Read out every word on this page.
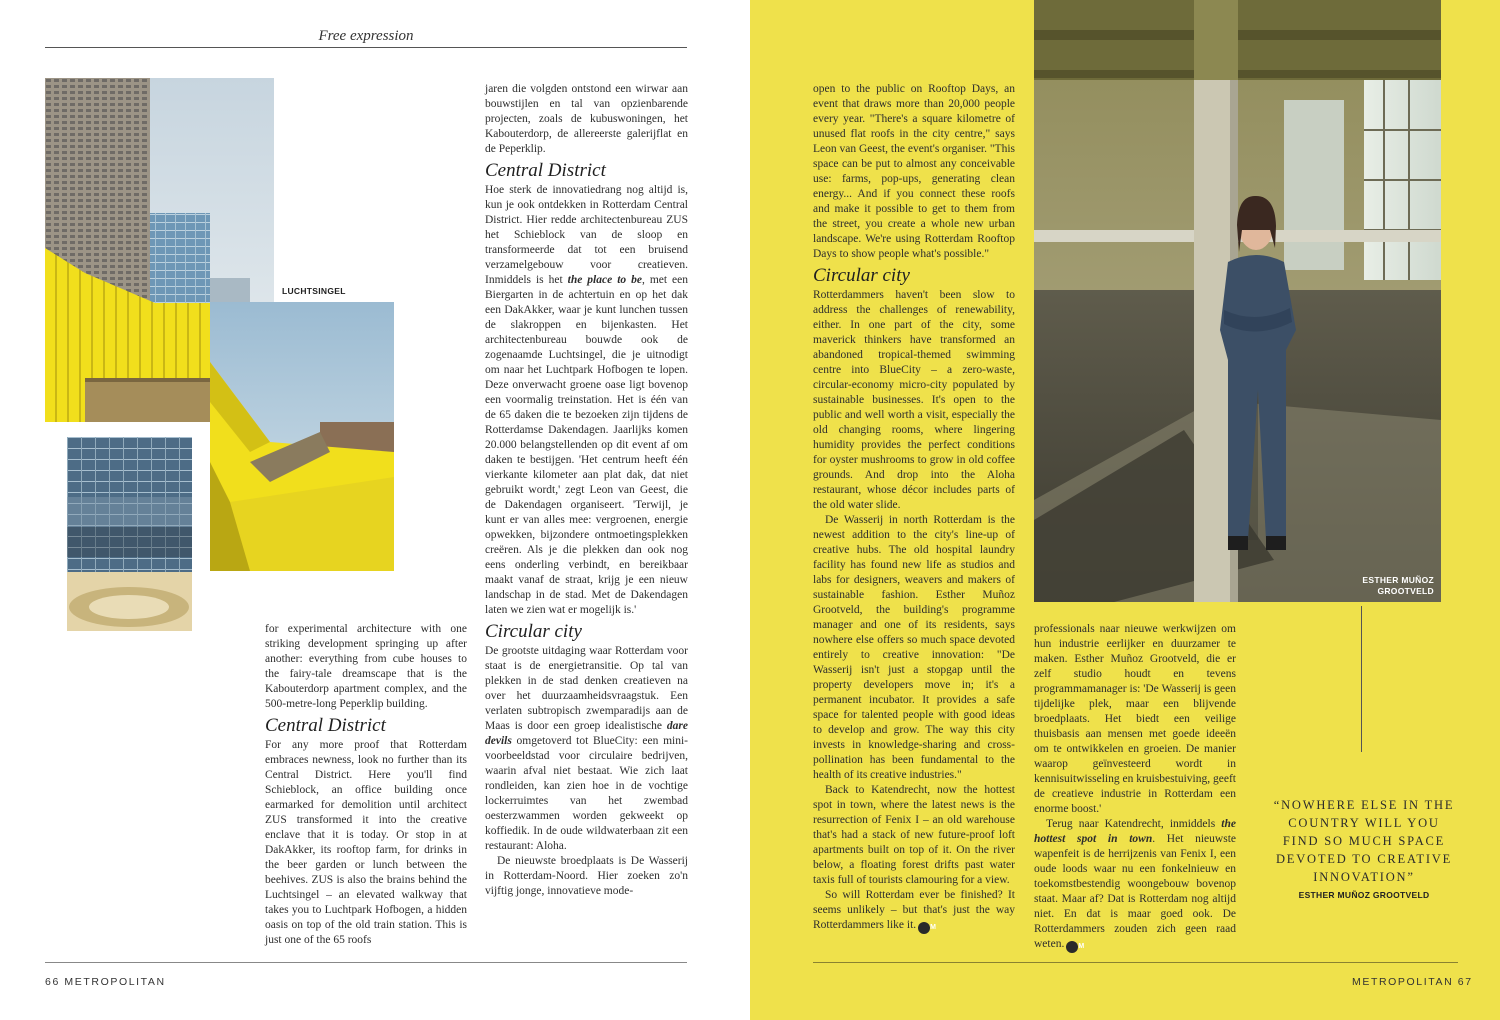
Free expression
LUCHTSINGEL

for experimental architecture with one striking development springing up after another: everything from cube houses to the fairy-tale dreamscape that is the Kabouterdorp apartment complex, and the 500-metre-long Peperklip building.

Central District

For any more proof that Rotterdam embraces newness, look no further than its Central District. Here you'll find Schieblock, an office building once earmarked for demolition until architect ZUS transformed it into the creative enclave that it is today. Or stop in at DakAkker, its rooftop farm, for drinks in the beer garden or lunch between the beehives. ZUS is also the brains behind the Luchtsingel – an elevated walkway that takes you to Luchtpark Hofbogen, a hidden oasis on top of the old train station. This is just one of the 65 roofs

jaren die volgden ontstond een wirwar aan bouwstijlen en tal van opzienbarende projecten, zoals de kubuswoningen, het Kabouterdorp, de allereerste galerijflat en de Peperklip.

Central District

Hoe sterk de innovatiedrang nog altijd is, kun je ook ontdekken in Rotterdam Central District. Hier redde architectenbureau ZUS het Schieblock van de sloop en transformeerde dat tot een bruisend verzamelgebouw voor creatieven. Inmiddels is het the place to be, met een Biergarten in de achtertuin en op het dak een DakAkker, waar je kunt lunchen tussen de slakroppen en bijenkasten. Het architectenbureau bouwde ook de zogenaamde Luchtsingel, die je uitnodigt om naar het Luchtpark Hofbogen te lopen. Deze onverwacht groene oase ligt bovenop een voormalig treinstation. Het is één van de 65 daken die te bezoeken zijn tijdens de Rotterdamse Dakendagen. Jaarlijks komen 20.000 belangstellenden op dit event af om daken te bestijgen. 'Het centrum heeft één vierkante kilometer aan plat dak, dat niet gebruikt wordt,' zegt Leon van Geest, die de Dakendagen organiseert. 'Terwijl, je kunt er van alles mee: vergroenen, energie opwekken, bijzondere ontmoetingsplekken creëren. Als je die plekken dan ook nog eens onderling verbindt, en bereikbaar maakt vanaf de straat, krijg je een nieuw landschap in de stad. Met de Dakendagen laten we zien wat er mogelijk is.'

Circular city

De grootste uitdaging waar Rotterdam voor staat is de energietransitie. Op tal van plekken in de stad denken creatieven na over het duurzaamheidsvraagstuk. Een verlaten subtropisch zwemparadijs aan de Maas is door een groep idealistische dare devils omgetoverd tot BlueCity: een mini-voorbeeldstad voor circulaire bedrijven, waarin afval niet bestaat. Wie zich laat rondleiden, kan zien hoe in de vochtige lockerruimtes van het zwembad oesterzwammen worden gekweekt op koffiedik. In de oude wildwaterbaan zit een restaurant: Aloha.

De nieuwste broedplaats is De Wasserij in Rotterdam-Noord. Hier zoeken zo'n vijftig jonge, innovatieve mode-

66 METROPOLITAN
ESTHER MUÑOZ
GROOTVELD

open to the public on Rooftop Days, an event that draws more than 20,000 people every year. "There's a square kilometre of unused flat roofs in the city centre," says Leon van Geest, the event's organiser. "This space can be put to almost any conceivable use: farms, pop-ups, generating clean energy... And if you connect these roofs and make it possible to get to them from the street, you create a whole new urban landscape. We're using Rotterdam Rooftop Days to show people what's possible."

Circular city

Rotterdammers haven't been slow to address the challenges of renewability, either. In one part of the city, some maverick thinkers have transformed an abandoned tropical-themed swimming centre into BlueCity – a zero-waste, circular-economy micro-city populated by sustainable businesses. It's open to the public and well worth a visit, especially the old changing rooms, where lingering humidity provides the perfect conditions for oyster mushrooms to grow in old coffee grounds. And drop into the Aloha restaurant, whose décor includes parts of the old water slide.

De Wasserij in north Rotterdam is the newest addition to the city's line-up of creative hubs. The old hospital laundry facility has found new life as studios and labs for designers, weavers and makers of sustainable fashion. Esther Muñoz Grootveld, the building's programme manager and one of its residents, says nowhere else offers so much space devoted entirely to creative innovation: "De Wasserij isn't just a stopgap until the property developers move in; it's a permanent incubator. It provides a safe space for talented people with good ideas to develop and grow. The way this city invests in knowledge-sharing and cross-pollination has been fundamental to the health of its creative industries."

Back to Katendrecht, now the hottest spot in town, where the latest news is the resurrection of Fenix I – an old warehouse that's had a stack of new future-proof loft apartments built on top of it. On the river below, a floating forest drifts past water taxis full of tourists clamouring for a view.

So will Rotterdam ever be finished? It seems unlikely – but that's just the way Rotterdammers like it. M

professionals naar nieuwe werkwijzen om hun industrie eerlijker en duurzamer te maken. Esther Muñoz Grootveld, die er zelf studio houdt en tevens programmamanager is: 'De Wasserij is geen tijdelijke plek, maar een blijvende broedplaats. Het biedt een veilige thuisbasis aan mensen met goede ideeën om te ontwikkelen en groeien. De manier waarop geïnvesteerd wordt in kennisuitwisseling en kruisbestuiving, geeft de creatieve industrie in Rotterdam een enorme boost.'

Terug naar Katendrecht, inmiddels the hottest spot in town. Het nieuwste wapenfeit is de herrijzenis van Fenix I, een oude loods waar nu een fonkelnieuw en toekomstbestendig woongebouw bovenop staat. Maar af? Dat is Rotterdam nog altijd niet. En dat is maar goed ook. De Rotterdammers zouden zich geen raad weten. M

“NOWHERE ELSE IN THE COUNTRY WILL YOU FIND SO MUCH SPACE DEVOTED TO CREATIVE INNOVATION”
ESTHER MUÑOZ GROOTVELD
METROPOLITAN 67
